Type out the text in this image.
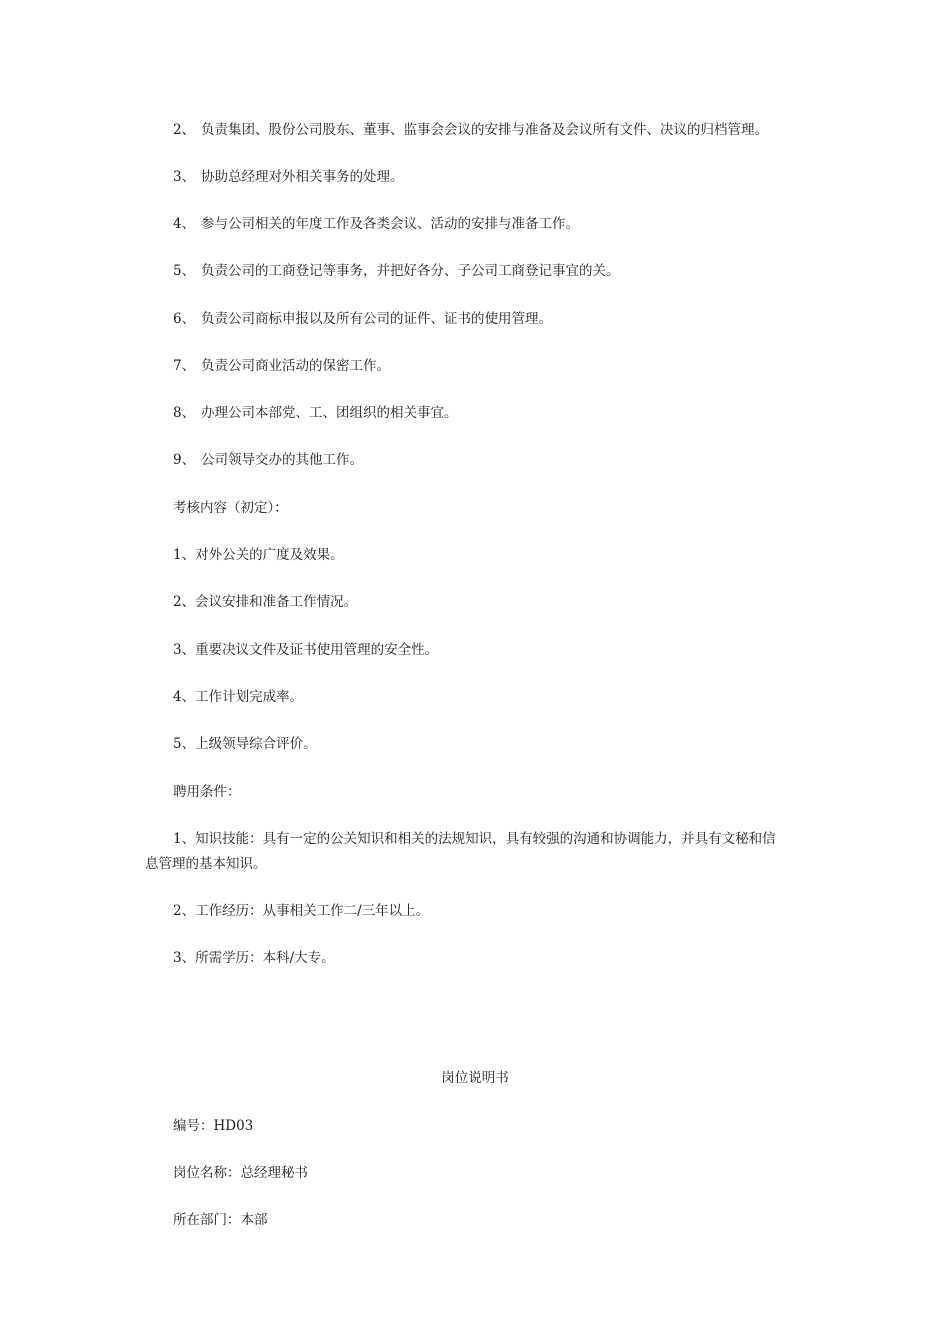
2、 负责集团、股份公司股东、董事、监事会会议的安排与准备及会议所有文件、决议的归档管理。
3、 协助总经理对外相关事务的处理。
4、 参与公司相关的年度工作及各类会议、活动的安排与准备工作。
5、 负责公司的工商登记等事务，并把好各分、子公司工商登记事宜的关。
6、 负责公司商标申报以及所有公司的证件、证书的使用管理。
7、 负责公司商业活动的保密工作。
8、 办理公司本部党、工、团组织的相关事宜。
9、 公司领导交办的其他工作。
考核内容（初定）：
1、对外公关的广度及效果。
2、会议安排和准备工作情况。
3、重要决议文件及证书使用管理的安全性。
4、工作计划完成率。
5、上级领导综合评价。
聘用条件：
1、知识技能：具有一定的公关知识和相关的法规知识，具有较强的沟通和协调能力，并具有文秘和信
息管理的基本知识。
2、工作经历：从事相关工作二/三年以上。
3、所需学历：本科/大专。
岗位说明书
编号：HD03
岗位名称：总经理秘书
所在部门：本部
